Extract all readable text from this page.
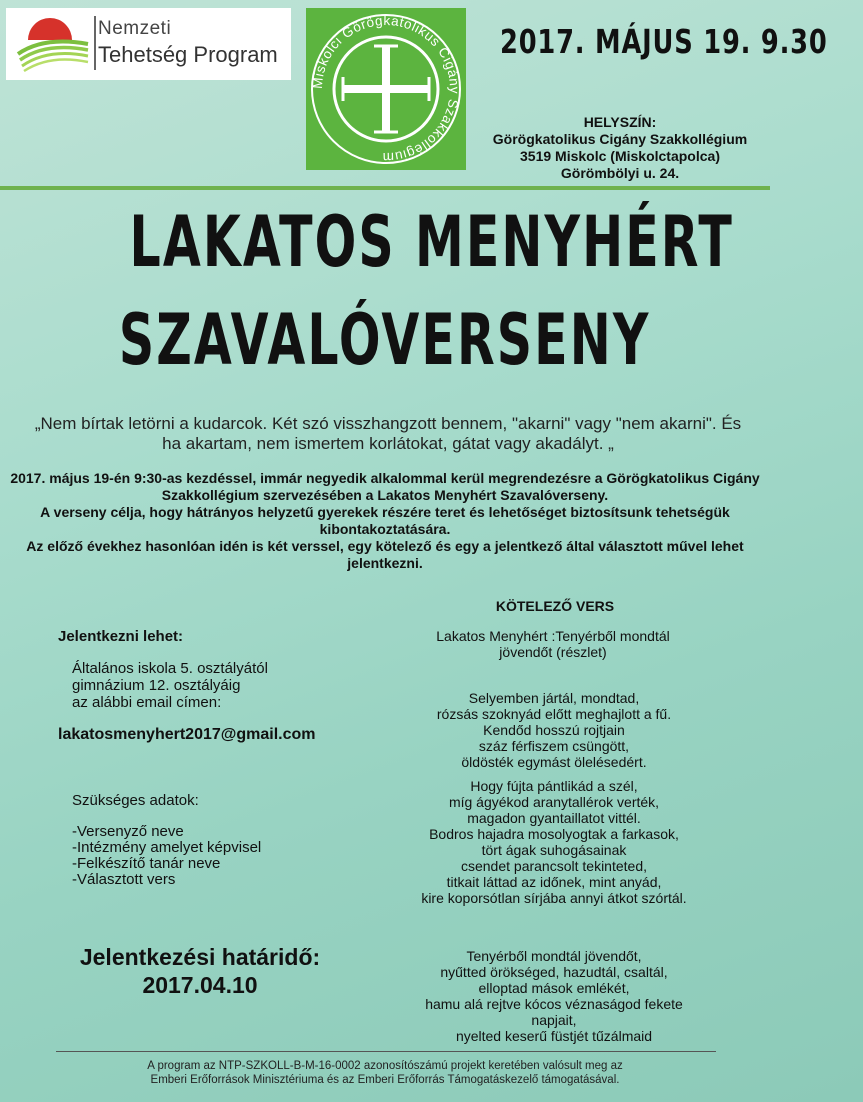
Nemzeti
Tehetség Program
Miskolci Görögkatolikus Cigány Szakkollégium
2017. MÁJUS 19. 9.30
HELYSZÍN:
Görögkatolikus Cigány Szakkollégium
3519 Miskolc (Miskolctapolca)
Görömbölyi u. 24.
LAKATOS MENYHÉRT
SZAVALÓVERSENY
„Nem bírtak letörni a kudarcok. Két szó visszhangzott bennem, "akarni" vagy "nem akarni". És ha akartam, nem ismertem korlátokat, gátat vagy akadályt. „

2017. május 19-én 9:30-as kezdéssel, immár negyedik alkalommal kerül megrendezésre a Görögkatolikus Cigány Szakkollégium szervezésében a Lakatos Menyhért Szavalóverseny.

A verseny célja, hogy hátrányos helyzetű gyerekek részére teret és lehetőséget biztosítsunk tehetségük kibontakoztatására.

Az előző évekhez hasonlóan idén is két verssel, egy kötelező és egy a jelentkező által választott művel lehet jelentkezni.

Jelentkezni lehet:
Általános iskola 5. osztályától
gimnázium 12. osztályáig
az alábbi email címen:
lakatosmenyhert2017@gmail.com
Szükséges adatok:
-Versenyző neve
-Intézmény amelyet képvisel
-Felkészítő tanár neve
-Választott vers
Jelentkezési határidő:
2017.04.10
KÖTELEZŐ VERS
Lakatos Menyhért :Tenyérből mondtál jövendőt (részlet)
Selyemben jártál, mondtad,
rózsás szoknyád előtt meghajlott a fű.
Kendőd hosszú rojtjain
száz férfiszem csüngött,
öldösték egymást ölelésedért.
Hogy fújta pántlikád a szél,
míg ágyékod aranytallérok verték,
magadon gyantaillatot vittél.
Bodros hajadra mosolyogtak a farkasok,
tört ágak suhogásainak
csendet parancsolt tekinteted,
titkait láttad az időnek, mint anyád,
kire koporsótlan sírjába annyi átkot szórtál.
Tenyérből mondtál jövendőt,
nyűtted örökséged, hazudtál, csaltál,
elloptad mások emlékét,
hamu alá rejtve kócos véznaságod fekete napjait,
nyelted keserű füstjét tűzálmaid
A program az NTP-SZKOLL-B-M-16-0002 azonosítószámú projekt keretében valósult meg az
Emberi Erőforrások Minisztériuma és az Emberi Erőforrás Támogatáskezelő támogatásával.
